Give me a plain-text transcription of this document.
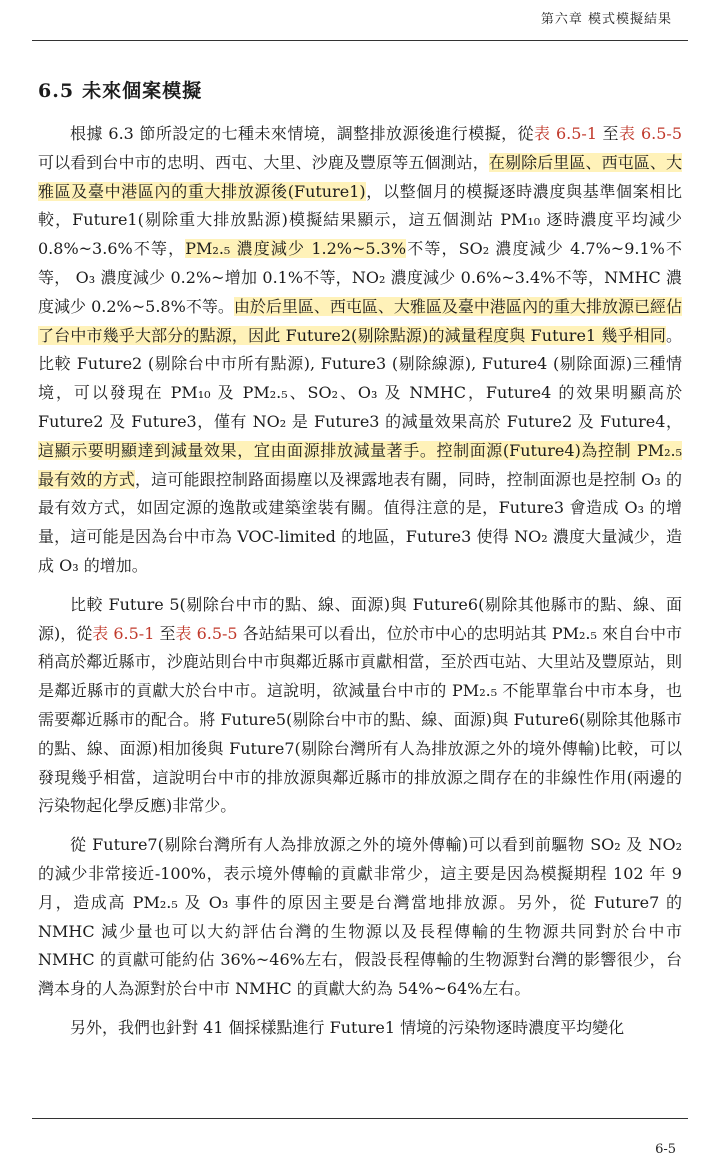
第六章 模式模擬結果
6.5 未來個案模擬

根據 6.3 節所設定的七種未來情境，調整排放源後進行模擬，從表 6.5-1 至表 6.5-5 可以看到台中市的忠明、西屯、大里、沙鹿及豐原等五個測站，在剔除后里區、西屯區、大雅區及臺中港區內的重大排放源後(Future1)，以整個月的模擬逐時濃度與基準個案相比較，Future1(剔除重大排放點源)模擬結果顯示，這五個測站 PM₁₀ 逐時濃度平均減少 0.8%~3.6%不等，PM₂.₅ 濃度減少 1.2%~5.3%不等，SO₂ 濃度減少 4.7%~9.1%不等， O₃ 濃度減少 0.2%~增加 0.1%不等，NO₂ 濃度減少 0.6%~3.4%不等，NMHC 濃度減少 0.2%~5.8%不等。由於后里區、西屯區、大雅區及臺中港區內的重大排放源已經佔了台中市幾乎大部分的點源，因此 Future2(剔除點源)的減量程度與 Future1 幾乎相同。比較 Future2 (剔除台中市所有點源), Future3 (剔除線源), Future4 (剔除面源)三種情境，可以發現在 PM₁₀ 及 PM₂.₅、SO₂、O₃ 及 NMHC，Future4 的效果明顯高於 Future2 及 Future3，僅有 NO₂ 是 Future3 的減量效果高於 Future2 及 Future4，這顯示要明顯達到減量效果，宜由面源排放減量著手。控制面源(Future4)為控制 PM₂.₅ 最有效的方式，這可能跟控制路面揚塵以及裸露地表有關，同時，控制面源也是控制 O₃ 的最有效方式，如固定源的逸散或建築塗裝有關。值得注意的是，Future3 會造成 O₃ 的增量，這可能是因為台中市為 VOC-limited 的地區，Future3 使得 NO₂ 濃度大量減少，造成 O₃ 的增加。

比較 Future 5(剔除台中市的點、線、面源)與 Future6(剔除其他縣市的點、線、面源)，從表 6.5-1 至表 6.5-5 各站結果可以看出，位於市中心的忠明站其 PM₂.₅ 來自台中市稍高於鄰近縣市，沙鹿站則台中市與鄰近縣市貢獻相當，至於西屯站、大里站及豐原站，則是鄰近縣市的貢獻大於台中市。這說明，欲減量台中市的 PM₂.₅ 不能單靠台中市本身，也需要鄰近縣市的配合。將 Future5(剔除台中市的點、線、面源)與 Future6(剔除其他縣市的點、線、面源)相加後與 Future7(剔除台灣所有人為排放源之外的境外傳輸)比較，可以發現幾乎相當，這說明台中市的排放源與鄰近縣市的排放源之間存在的非線性作用(兩邊的污染物起化學反應)非常少。

從 Future7(剔除台灣所有人為排放源之外的境外傳輸)可以看到前驅物 SO₂ 及 NO₂ 的減少非常接近-100%，表示境外傳輸的貢獻非常少，這主要是因為模擬期程 102 年 9 月，造成高 PM₂.₅ 及 O₃ 事件的原因主要是台灣當地排放源。另外，從 Future7 的 NMHC 減少量也可以大約評估台灣的生物源以及長程傳輸的生物源共同對於台中市 NMHC 的貢獻可能約佔 36%~46%左右，假設長程傳輸的生物源對台灣的影響很少，台灣本身的人為源對於台中市 NMHC 的貢獻大約為 54%~64%左右。

另外，我們也針對 41 個採樣點進行 Future1 情境的污染物逐時濃度平均變化

6-5
